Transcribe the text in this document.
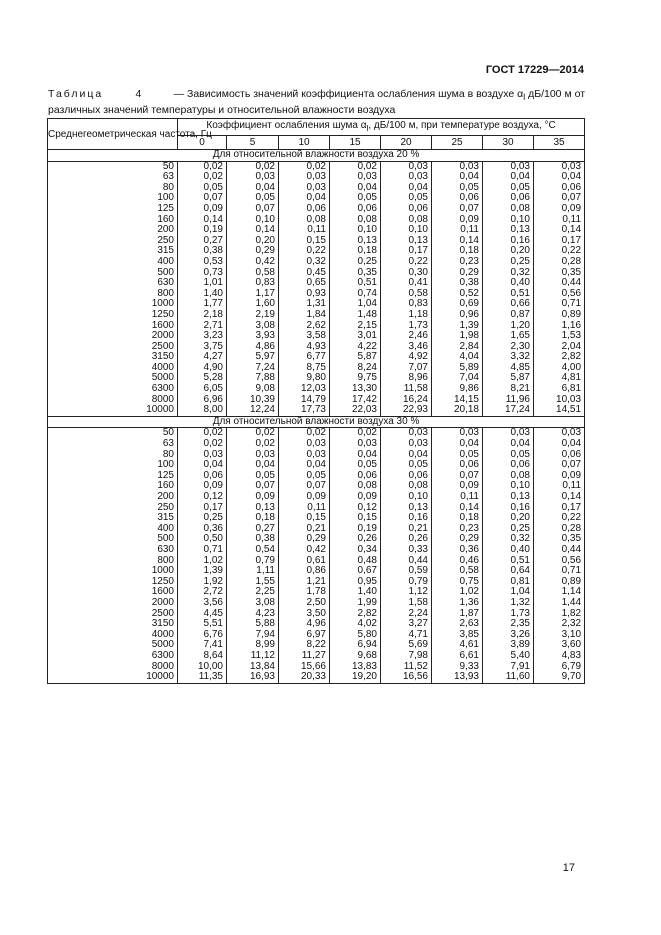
ГОСТ 17229—2014
Таблица	4	— Зависимость значений коэффициента ослабления шума в воздухе $\alpha_l$ дБ/100 м от
различных значений температуры и относительной влажности воздуха
Среднегеометрическая частота, Гц	Коэффициент ослабления шума $\alpha_l$, дБ/100 м, при температуре воздуха, °С							
	0	5	10	15	20	25	30	35
Для относительной влажности воздуха 20 %								
50	0,02	0,02	0,02	0,02	0,03	0,03	0,03	0,03
63	0,02	0,03	0,03	0,03	0,03	0,04	0,04	0,04
80	0,05	0,04	0,03	0,04	0,04	0,05	0,05	0,06
100	0,07	0,05	0,04	0,05	0,05	0,06	0,06	0,07
125	0,09	0,07	0,06	0,06	0,06	0,07	0,08	0,09
160	0,14	0,10	0,08	0,08	0,08	0,09	0,10	0,11
200	0,19	0,14	0,11	0,10	0,10	0,11	0,13	0,14
250	0,27	0,20	0,15	0,13	0,13	0,14	0,16	0,17
315	0,38	0,29	0,22	0,18	0,17	0,18	0,20	0,22
400	0,53	0,42	0,32	0,25	0,22	0,23	0,25	0,28
500	0,73	0,58	0,45	0,35	0,30	0,29	0,32	0,35
630	1,01	0,83	0,65	0,51	0,41	0,38	0,40	0,44
800	1,40	1,17	0,93	0,74	0,58	0,52	0,51	0,56
1000	1,77	1,60	1,31	1,04	0,83	0,69	0,66	0,71
1250	2,18	2,19	1,84	1,48	1,18	0,96	0,87	0,89
1600	2,71	3,08	2,62	2,15	1,73	1,39	1,20	1,16
2000	3,23	3,93	3,58	3,01	2,46	1,98	1,65	1,53
2500	3,75	4,86	4,93	4,22	3,46	2,84	2,30	2,04
3150	4,27	5,97	6,77	5,87	4,92	4,04	3,32	2,82
4000	4,90	7,24	8,75	8,24	7,07	5,89	4,85	4,00
5000	5,28	7,88	9,80	9,75	8,96	7,04	5,87	4,81
6300	6,05	9,08	12,03	13,30	11,58	9,86	8,21	6,81
8000	6,96	10,39	14,79	17,42	16,24	14,15	11,96	10,03
10000	8,00	12,24	17,73	22,03	22,93	20,18	17,24	14,51
Для относительной влажности воздуха 30 %								
50	0,02	0,02	0,02	0,02	0,03	0,03	0,03	0,03
63	0,02	0,02	0,03	0,03	0,03	0,04	0,04	0,04
80	0,03	0,03	0,03	0,04	0,04	0,05	0,05	0,06
100	0,04	0,04	0,04	0,05	0,05	0,06	0,06	0,07
125	0,06	0,05	0,05	0,06	0,06	0,07	0,08	0,09
160	0,09	0,07	0,07	0,08	0,08	0,09	0,10	0,11
200	0,12	0,09	0,09	0,09	0,10	0,11	0,13	0,14
250	0,17	0,13	0,11	0,12	0,13	0,14	0,16	0,17
315	0,25	0,18	0,15	0,15	0,16	0,18	0,20	0,22
400	0,36	0,27	0,21	0,19	0,21	0,23	0,25	0,28
500	0,50	0,38	0,29	0,26	0,26	0,29	0,32	0,35
630	0,71	0,54	0,42	0,34	0,33	0,36	0,40	0,44
800	1,02	0,79	0,61	0,48	0,44	0,46	0,51	0,56
1000	1,39	1,11	0,86	0,67	0,59	0,58	0,64	0,71
1250	1,92	1,55	1,21	0,95	0,79	0,75	0,81	0,89
1600	2,72	2,25	1,78	1,40	1,12	1,02	1,04	1,14
2000	3,56	3,08	2,50	1,99	1,58	1,36	1,32	1,44
2500	4,45	4,23	3,50	2,82	2,24	1,87	1,73	1,82
3150	5,51	5,88	4,96	4,02	3,27	2,63	2,35	2,32
4000	6,76	7,94	6,97	5,80	4,71	3,85	3,26	3,10
5000	7,41	8,99	8,22	6,94	5,69	4,61	3,89	3,60
6300	8,64	11,12	11,27	9,68	7,98	6,61	5,40	4,83
8000	10,00	13,84	15,66	13,83	11,52	9,33	7,91	6,79
10000	11,35	16,93	20,33	19,20	16,56	13,93	11,60	9,70
17
